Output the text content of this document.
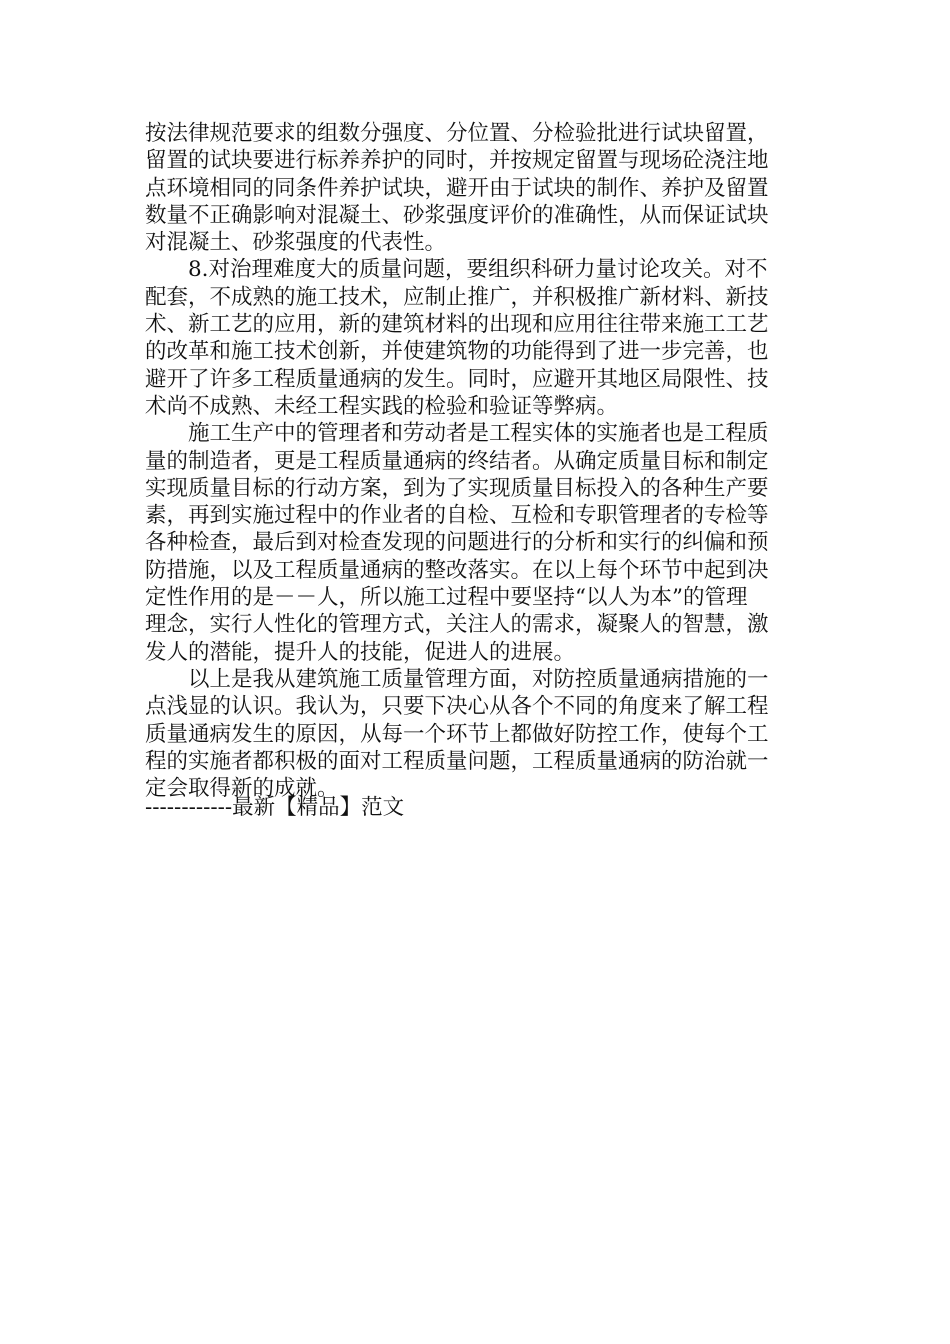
按法律规范要求的组数分强度、分位置、分检验批进行试块留置，
留置的试块要进行标养养护的同时，并按规定留置与现场砼浇注地
点环境相同的同条件养护试块，避开由于试块的制作、养护及留置
数量不正确影响对混凝土、砂浆强度评价的准确性，从而保证试块
对混凝土、砂浆强度的代表性。
8.对治理难度大的质量问题，要组织科研力量讨论攻关。对不
配套，不成熟的施工技术，应制止推广，并积极推广新材料、新技
术、新工艺的应用，新的建筑材料的出现和应用往往带来施工工艺
的改革和施工技术创新，并使建筑物的功能得到了进一步完善，也
避开了许多工程质量通病的发生。同时，应避开其地区局限性、技
术尚不成熟、未经工程实践的检验和验证等弊病。
施工生产中的管理者和劳动者是工程实体的实施者也是工程质
量的制造者，更是工程质量通病的终结者。从确定质量目标和制定
实现质量目标的行动方案，到为了实现质量目标投入的各种生产要
素，再到实施过程中的作业者的自检、互检和专职管理者的专检等
各种检查，最后到对检查发现的问题进行的分析和实行的纠偏和预
防措施，以及工程质量通病的整改落实。在以上每个环节中起到决
定性作用的是－－人，所以施工过程中要坚持“以人为本”的管理
理念，实行人性化的管理方式，关注人的需求，凝聚人的智慧，激
发人的潜能，提升人的技能，促进人的进展。
以上是我从建筑施工质量管理方面，对防控质量通病措施的一
点浅显的认识。我认为，只要下决心从各个不同的角度来了解工程
质量通病发生的原因，从每一个环节上都做好防控工作，使每个工
程的实施者都积极的面对工程质量问题，工程质量通病的防治就一
定会取得新的成就。
------------最新【精品】范文
